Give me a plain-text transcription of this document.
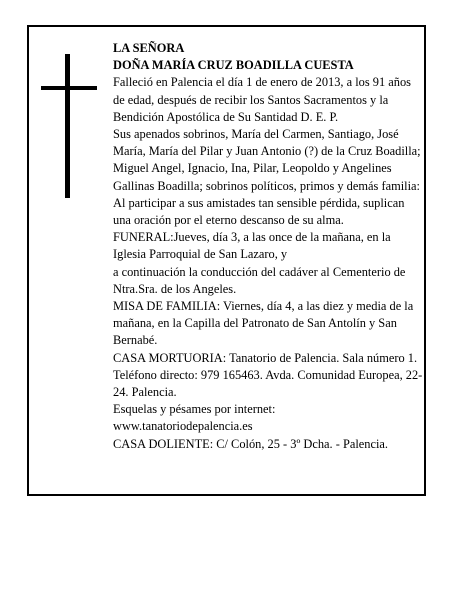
LA SEÑORA

DOÑA MARÍA CRUZ BOADILLA CUESTA

Falleció en Palencia el día 1 de enero de 2013, a los 91 años de edad, después de recibir los Santos Sacramentos y la Bendición Apostólica de Su Santidad D. E. P.

Sus apenados sobrinos, María del Carmen, Santiago, José María, María del Pilar y Juan Antonio (?) de la Cruz Boadilla; Miguel Angel, Ignacio, Ina, Pilar, Leopoldo y Angelines Gallinas Boadilla; sobrinos políticos, primos y demás familia:

Al participar a sus amistades tan sensible pérdida, suplican una oración por el eterno descanso de su alma.

FUNERAL:Jueves, día 3, a las once de la mañana, en la Iglesia Parroquial de San Lazaro, y

a continuación la conducción del cadáver al Cementerio de Ntra.Sra. de los Angeles.

MISA DE FAMILIA: Viernes, día 4, a las diez y media de la mañana, en la Capilla del Patronato de San Antolín y San Bernabé.

CASA MORTUORIA: Tanatorio de Palencia. Sala número 1. Teléfono directo: 979 165463. Avda. Comunidad Europea, 22-24. Palencia.

Esquelas y pésames por internet:

www.tanatoriodepalencia.es

CASA DOLIENTE: C/ Colón, 25 - 3º Dcha. - Palencia.
